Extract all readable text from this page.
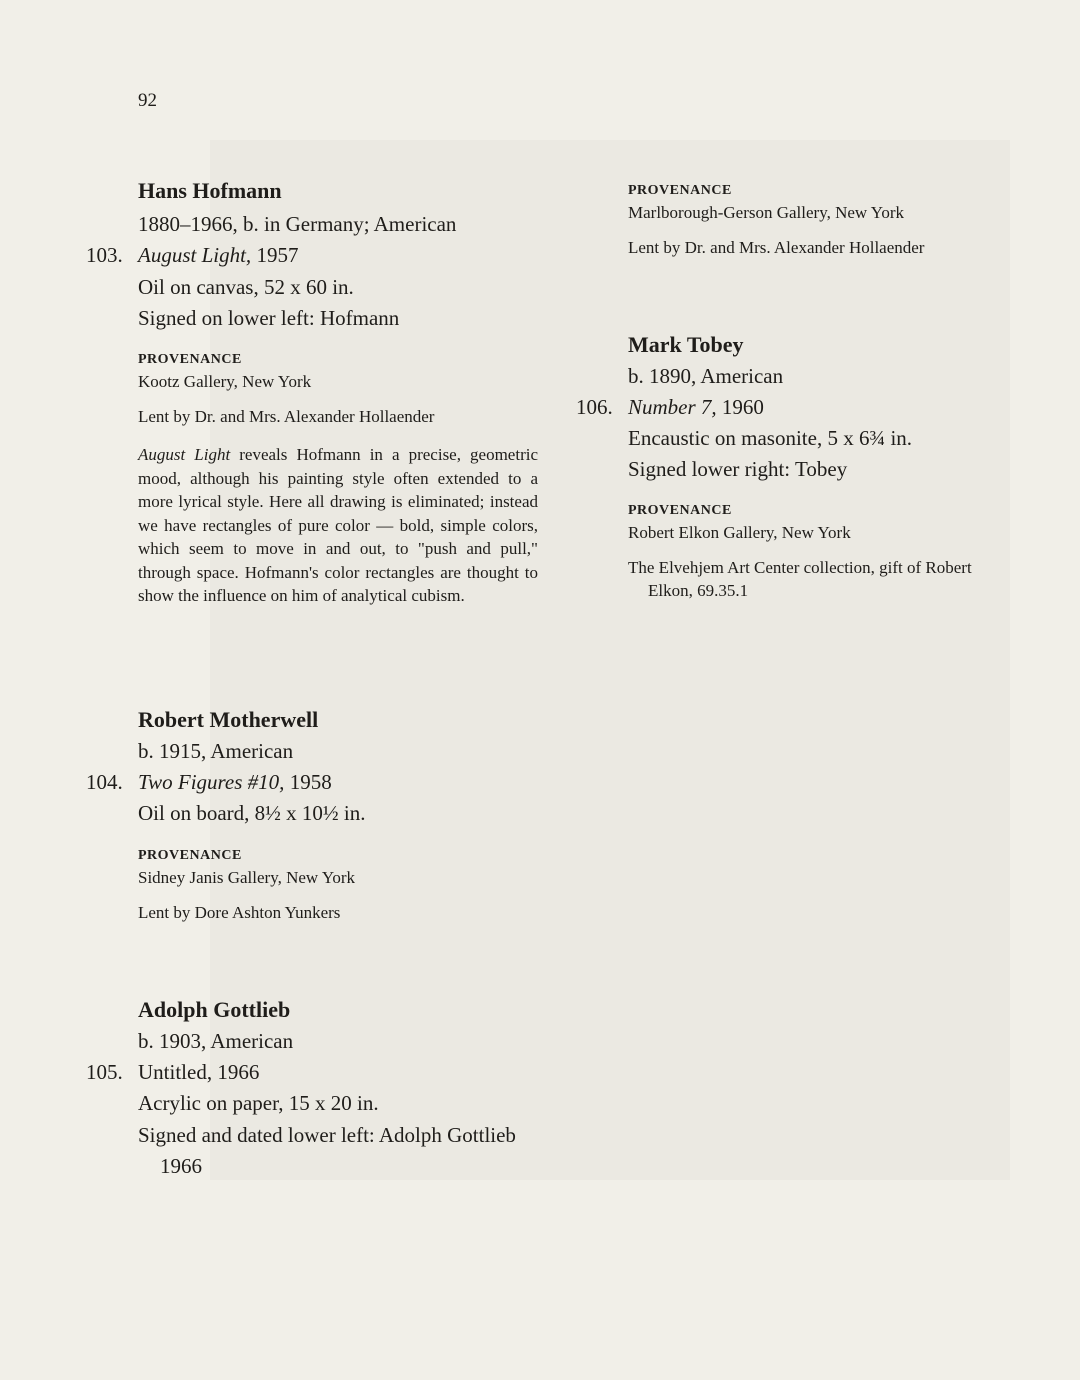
92
Hans Hofmann
1880–1966, b. in Germany; American
103. August Light, 1957
Oil on canvas, 52 x 60 in.
Signed on lower left: Hofmann
PROVENANCE
Kootz Gallery, New York
Lent by Dr. and Mrs. Alexander Hollaender
August Light reveals Hofmann in a precise, geometric mood, although his painting style often extended to a more lyrical style. Here all drawing is eliminated; instead we have rectangles of pure color — bold, simple colors, which seem to move in and out, to "push and pull," through space. Hofmann's color rectangles are thought to show the influence on him of analytical cubism.
Robert Motherwell
b. 1915, American
104. Two Figures #10, 1958
Oil on board, 8½ x 10½ in.
PROVENANCE
Sidney Janis Gallery, New York
Lent by Dore Ashton Yunkers
Adolph Gottlieb
b. 1903, American
105. Untitled, 1966
Acrylic on paper, 15 x 20 in.
Signed and dated lower left: Adolph Gottlieb
1966
PROVENANCE
Marlborough-Gerson Gallery, New York
Lent by Dr. and Mrs. Alexander Hollaender
Mark Tobey
b. 1890, American
106. Number 7, 1960
Encaustic on masonite, 5 x 6¾ in.
Signed lower right: Tobey
PROVENANCE
Robert Elkon Gallery, New York
The Elvehjem Art Center collection, gift of Robert
Elkon, 69.35.1
